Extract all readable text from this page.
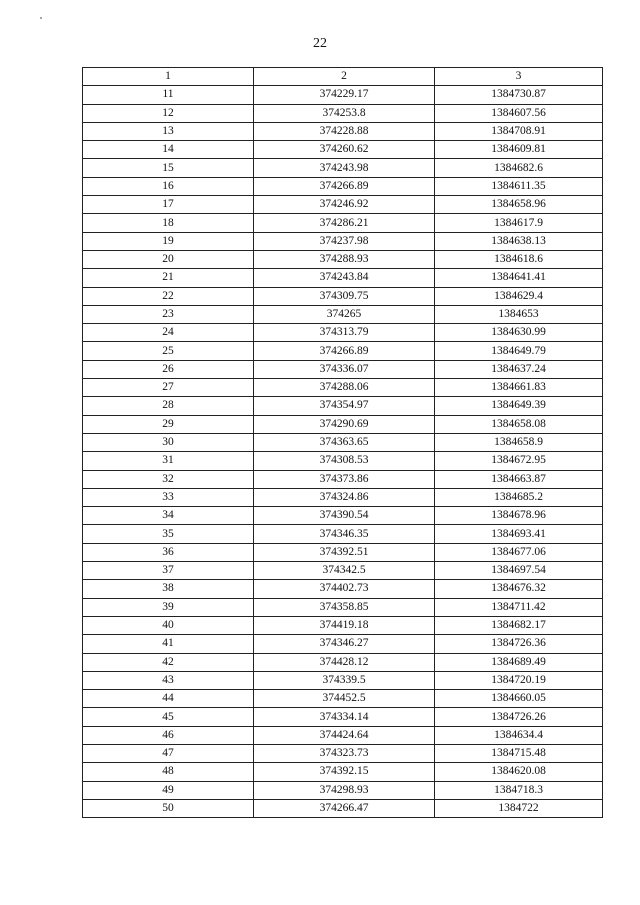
22
1	2	3
11	374229.17	1384730.87
12	374253.8	1384607.56
13	374228.88	1384708.91
14	374260.62	1384609.81
15	374243.98	1384682.6
16	374266.89	1384611.35
17	374246.92	1384658.96
18	374286.21	1384617.9
19	374237.98	1384638.13
20	374288.93	1384618.6
21	374243.84	1384641.41
22	374309.75	1384629.4
23	374265	1384653
24	374313.79	1384630.99
25	374266.89	1384649.79
26	374336.07	1384637.24
27	374288.06	1384661.83
28	374354.97	1384649.39
29	374290.69	1384658.08
30	374363.65	1384658.9
31	374308.53	1384672.95
32	374373.86	1384663.87
33	374324.86	1384685.2
34	374390.54	1384678.96
35	374346.35	1384693.41
36	374392.51	1384677.06
37	374342.5	1384697.54
38	374402.73	1384676.32
39	374358.85	1384711.42
40	374419.18	1384682.17
41	374346.27	1384726.36
42	374428.12	1384689.49
43	374339.5	1384720.19
44	374452.5	1384660.05
45	374334.14	1384726.26
46	374424.64	1384634.4
47	374323.73	1384715.48
48	374392.15	1384620.08
49	374298.93	1384718.3
50	374266.47	1384722
